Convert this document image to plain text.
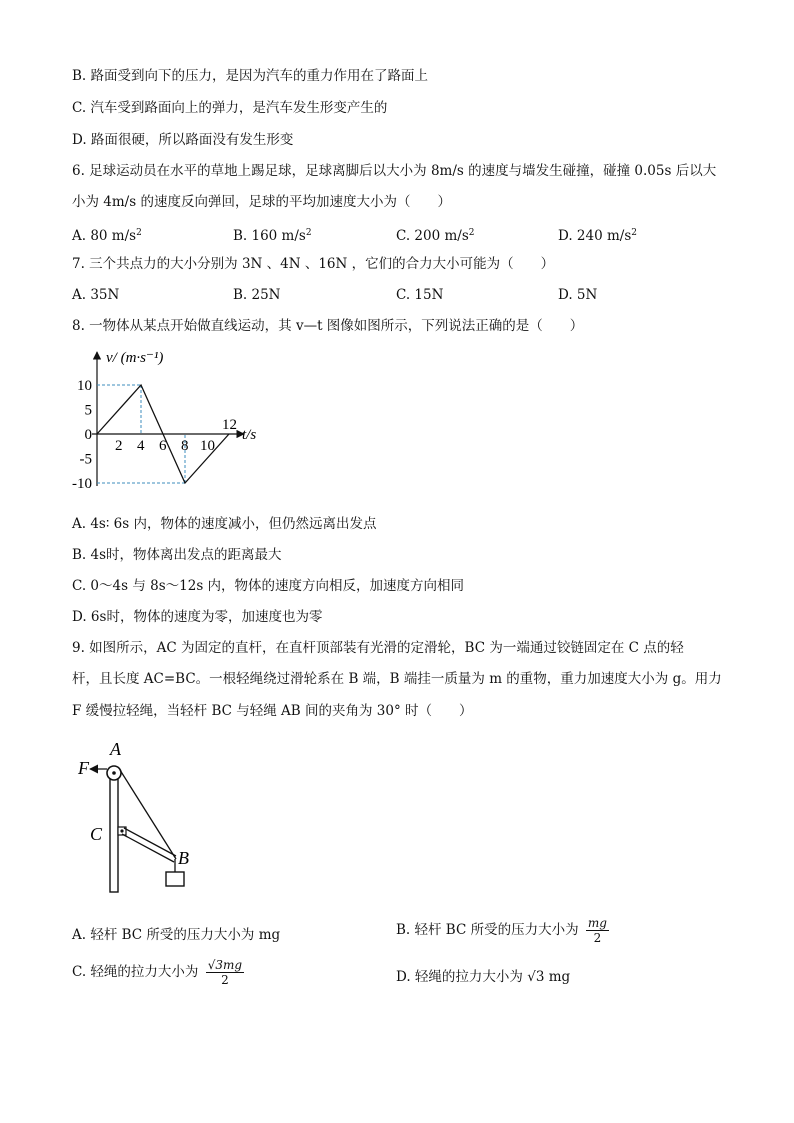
B. 路面受到向下的压力，是因为汽车的重力作用在了路面上
C. 汽车受到路面向上的弹力，是汽车发生形变产生的
D. 路面很硬，所以路面没有发生形变
6. 足球运动员在水平的草地上踢足球，足球离脚后以大小为 8m/s 的速度与墙发生碰撞，碰撞 0.05s 后以大
小为 4m/s 的速度反向弹回，足球的平均加速度大小为（　　）
A. 80 $m/s^2$	B. 160 $m/s^2$	C. 200 $m/s^2$	D. 240 $m/s^2$
7. 三个共点力的大小分别为 3N 、4N 、16N ，它们的合力大小可能为（　　）
A. 35N	B. 25N	C. 15N	D. 5N
8. 一物体从某点开始做直线运动，其 v—t 图像如图所示，下列说法正确的是（　　）
2 4 6 8 10
12
10
5
0
-5
-10
v/ (m·s⁻¹)
t/s
A. 4s∶ 6s 内，物体的速度减小，但仍然远离出发点
B. 4s时，物体离出发点的距离最大
C. 0～4s 与 8s～12s 内，物体的速度方向相反，加速度方向相同
D. 6s时，物体的速度为零，加速度也为零
9. 如图所示，AC 为固定的直杆，在直杆顶部装有光滑的定滑轮，BC 为一端通过铰链固定在 C 点的轻
杆，且长度 AC=BC。一根轻绳绕过滑轮系在 B 端，B 端挂一质量为 m 的重物，重力加速度大小为 g。用力
F 缓慢拉轻绳，当轻杆 BC 与轻绳 AB 间的夹角为 30° 时（　　）
A
F
C
B
A. 轻杆 BC 所受的压力大小为 mg	B. 轻杆 BC 所受的压力大小为 $\frac{mg}{2}$
C. 轻绳的拉力大小为 $\frac{√3mg}{2}$	D. 轻绳的拉力大小为 √3 mg
